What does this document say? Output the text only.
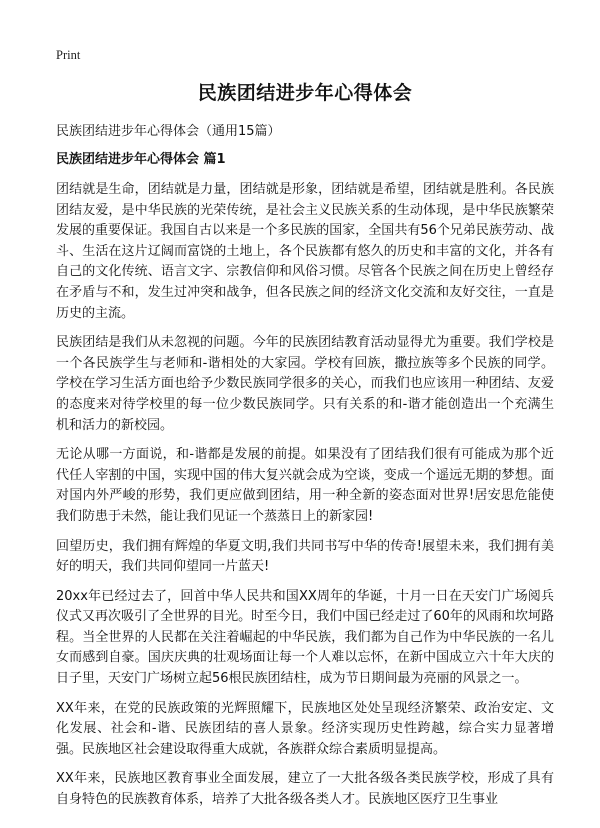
Print
民族团结进步年心得体会
民族团结进步年心得体会（通用15篇）
民族团结进步年心得体会 篇1

团结就是生命，团结就是力量，团结就是形象，团结就是希望，团结就是胜利。各民族 团结友爱，是中华民族的光荣传统，是社会主义民族关系的生动体现，是中华民族繁荣发展的重要保证。我国自古以来是一个多民族的国家，全国共有56个兄弟民族劳动、战斗、生活在这片辽阔而富饶的土地上，各个民族都有悠久的历史和丰富的文化，并各有自己的文化传统、语言文字、宗教信仰和风俗习惯。尽管各个民族之间在历史上曾经存在矛盾与不和，发生过冲突和战争，但各民族之间的经济文化交流和友好交往，一直是历史的主流。

民族团结是我们从未忽视的问题。今年的民族团结教育活动显得尤为重要。我们学校是一个各民族学生与老师和-谐相处的大家园。学校有回族，撒拉族等多个民族的同学。学校在学习生活方面也给予少数民族同学很多的关心，而我们也应该用一种团结、友爱的态度来对待学校里的每一位少数民族同学。只有关系的和-谐才能创造出一个充满生机和活力的新校园。

无论从哪一方面说，和-谐都是发展的前提。如果没有了团结我们很有可能成为那个近代任人宰割的中国，实现中国的伟大复兴就会成为空谈，变成一个遥远无期的梦想。面对国内外严峻的形势，我们更应做到团结，用一种全新的姿态面对世界!居安思危能使我们防患于未然，能让我们见证一个蒸蒸日上的新家园!

回望历史，我们拥有辉煌的华夏文明,我们共同书写中华的传奇!展望未来，我们拥有美好的明天，我们共同仰望同一片蓝天!

20xx年已经过去了，回首中华人民共和国XX周年的华诞，十月一日在天安门广场阅兵仪式又再次吸引了全世界的目光。时至今日，我们中国已经走过了60年的风雨和坎坷路程。当全世界的人民都在关注着崛起的中华民族，我们都为自己作为中华民族的一名儿女而感到自豪。国庆庆典的壮观场面让每一个人难以忘怀，在新中国成立六十年大庆的日子里，天安门广场树立起56根民族团结柱，成为节日期间最为亮丽的风景之一。

XX年来，在党的民族政策的光辉照耀下，民族地区处处呈现经济繁荣、政治安定、文化发展、社会和-谐、民族团结的喜人景象。经济实现历史性跨越，综合实力显著增强。民族地区社会建设取得重大成就，各族群众综合素质明显提高。

XX年来，民族地区教育事业全面发展，建立了一大批各级各类民族学校，形成了具有自身特色的民族教育体系，培养了大批各级各类人才。民族地区医疗卫生事业
